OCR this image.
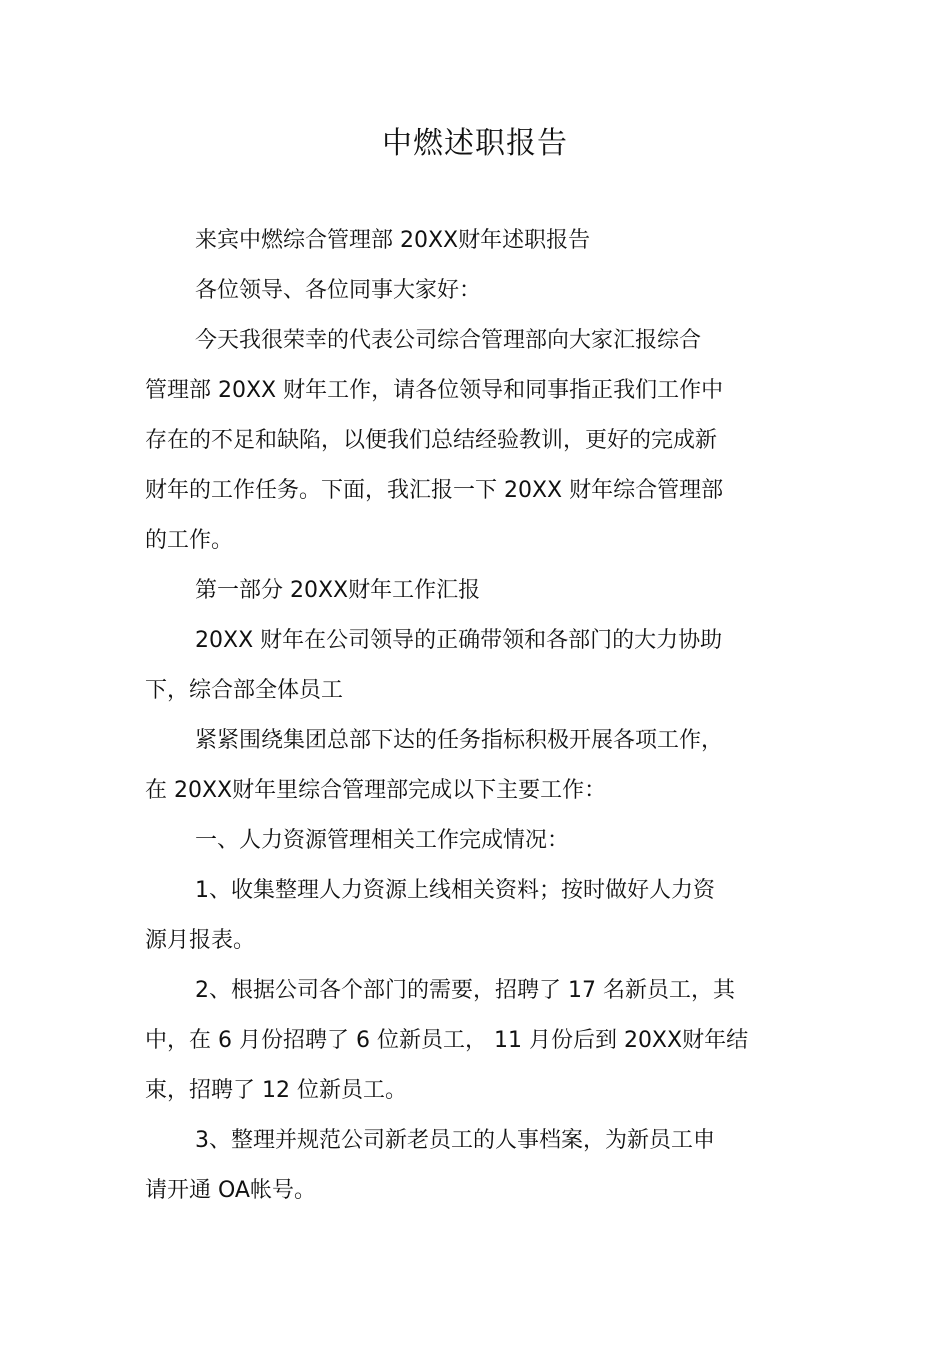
中燃述职报告
来宾中燃综合管理部 20XX财年述职报告
各位领导、各位同事大家好：
今天我很荣幸的代表公司综合管理部向大家汇报综合
管理部 20XX 财年工作，请各位领导和同事指正我们工作中
存在的不足和缺陷，以便我们总结经验教训，更好的完成新
财年的工作任务。下面，我汇报一下 20XX 财年综合管理部
的工作。
第一部分 20XX财年工作汇报
20XX 财年在公司领导的正确带领和各部门的大力协助
下，综合部全体员工
紧紧围绕集团总部下达的任务指标积极开展各项工作，
在 20XX财年里综合管理部完成以下主要工作：
一、人力资源管理相关工作完成情况：
1、收集整理人力资源上线相关资料；按时做好人力资
源月报表。
2、根据公司各个部门的需要，招聘了 17 名新员工，其
中，在 6 月份招聘了 6 位新员工， 11 月份后到 20XX财年结
束，招聘了 12 位新员工。
3、整理并规范公司新老员工的人事档案，为新员工申
请开通 OA帐号。
